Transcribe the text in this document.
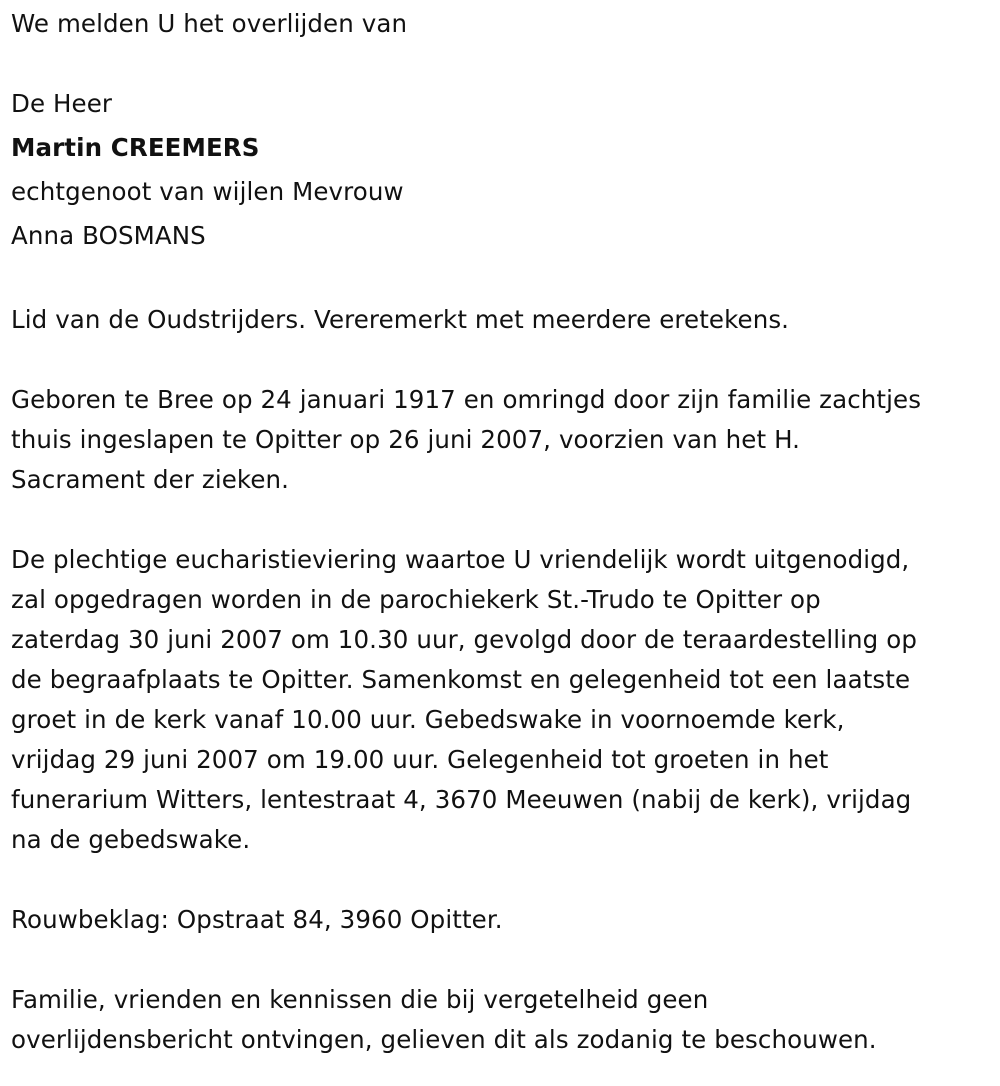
We melden U het overlijden van
De Heer
Martin CREEMERS
echtgenoot van wijlen Mevrouw
Anna BOSMANS
Lid van de Oudstrijders. Vereremerkt met meerdere eretekens.
Geboren te Bree op 24 januari 1917 en omringd door zijn familie zachtjes
thuis ingeslapen te Opitter op 26 juni 2007, voorzien van het H.
Sacrament der zieken.
De plechtige eucharistieviering waartoe U vriendelijk wordt uitgenodigd,
zal opgedragen worden in de parochiekerk St.-Trudo te Opitter op
zaterdag 30 juni 2007 om 10.30 uur, gevolgd door de teraardestelling op
de begraafplaats te Opitter. Samenkomst en gelegenheid tot een laatste
groet in de kerk vanaf 10.00 uur. Gebedswake in voornoemde kerk,
vrijdag 29 juni 2007 om 19.00 uur. Gelegenheid tot groeten in het
funerarium Witters, lentestraat 4, 3670 Meeuwen (nabij de kerk), vrijdag
na de gebedswake.
Rouwbeklag: Opstraat 84, 3960 Opitter.
Familie, vrienden en kennissen die bij vergetelheid geen
overlijdensbericht ontvingen, gelieven dit als zodanig te beschouwen.
